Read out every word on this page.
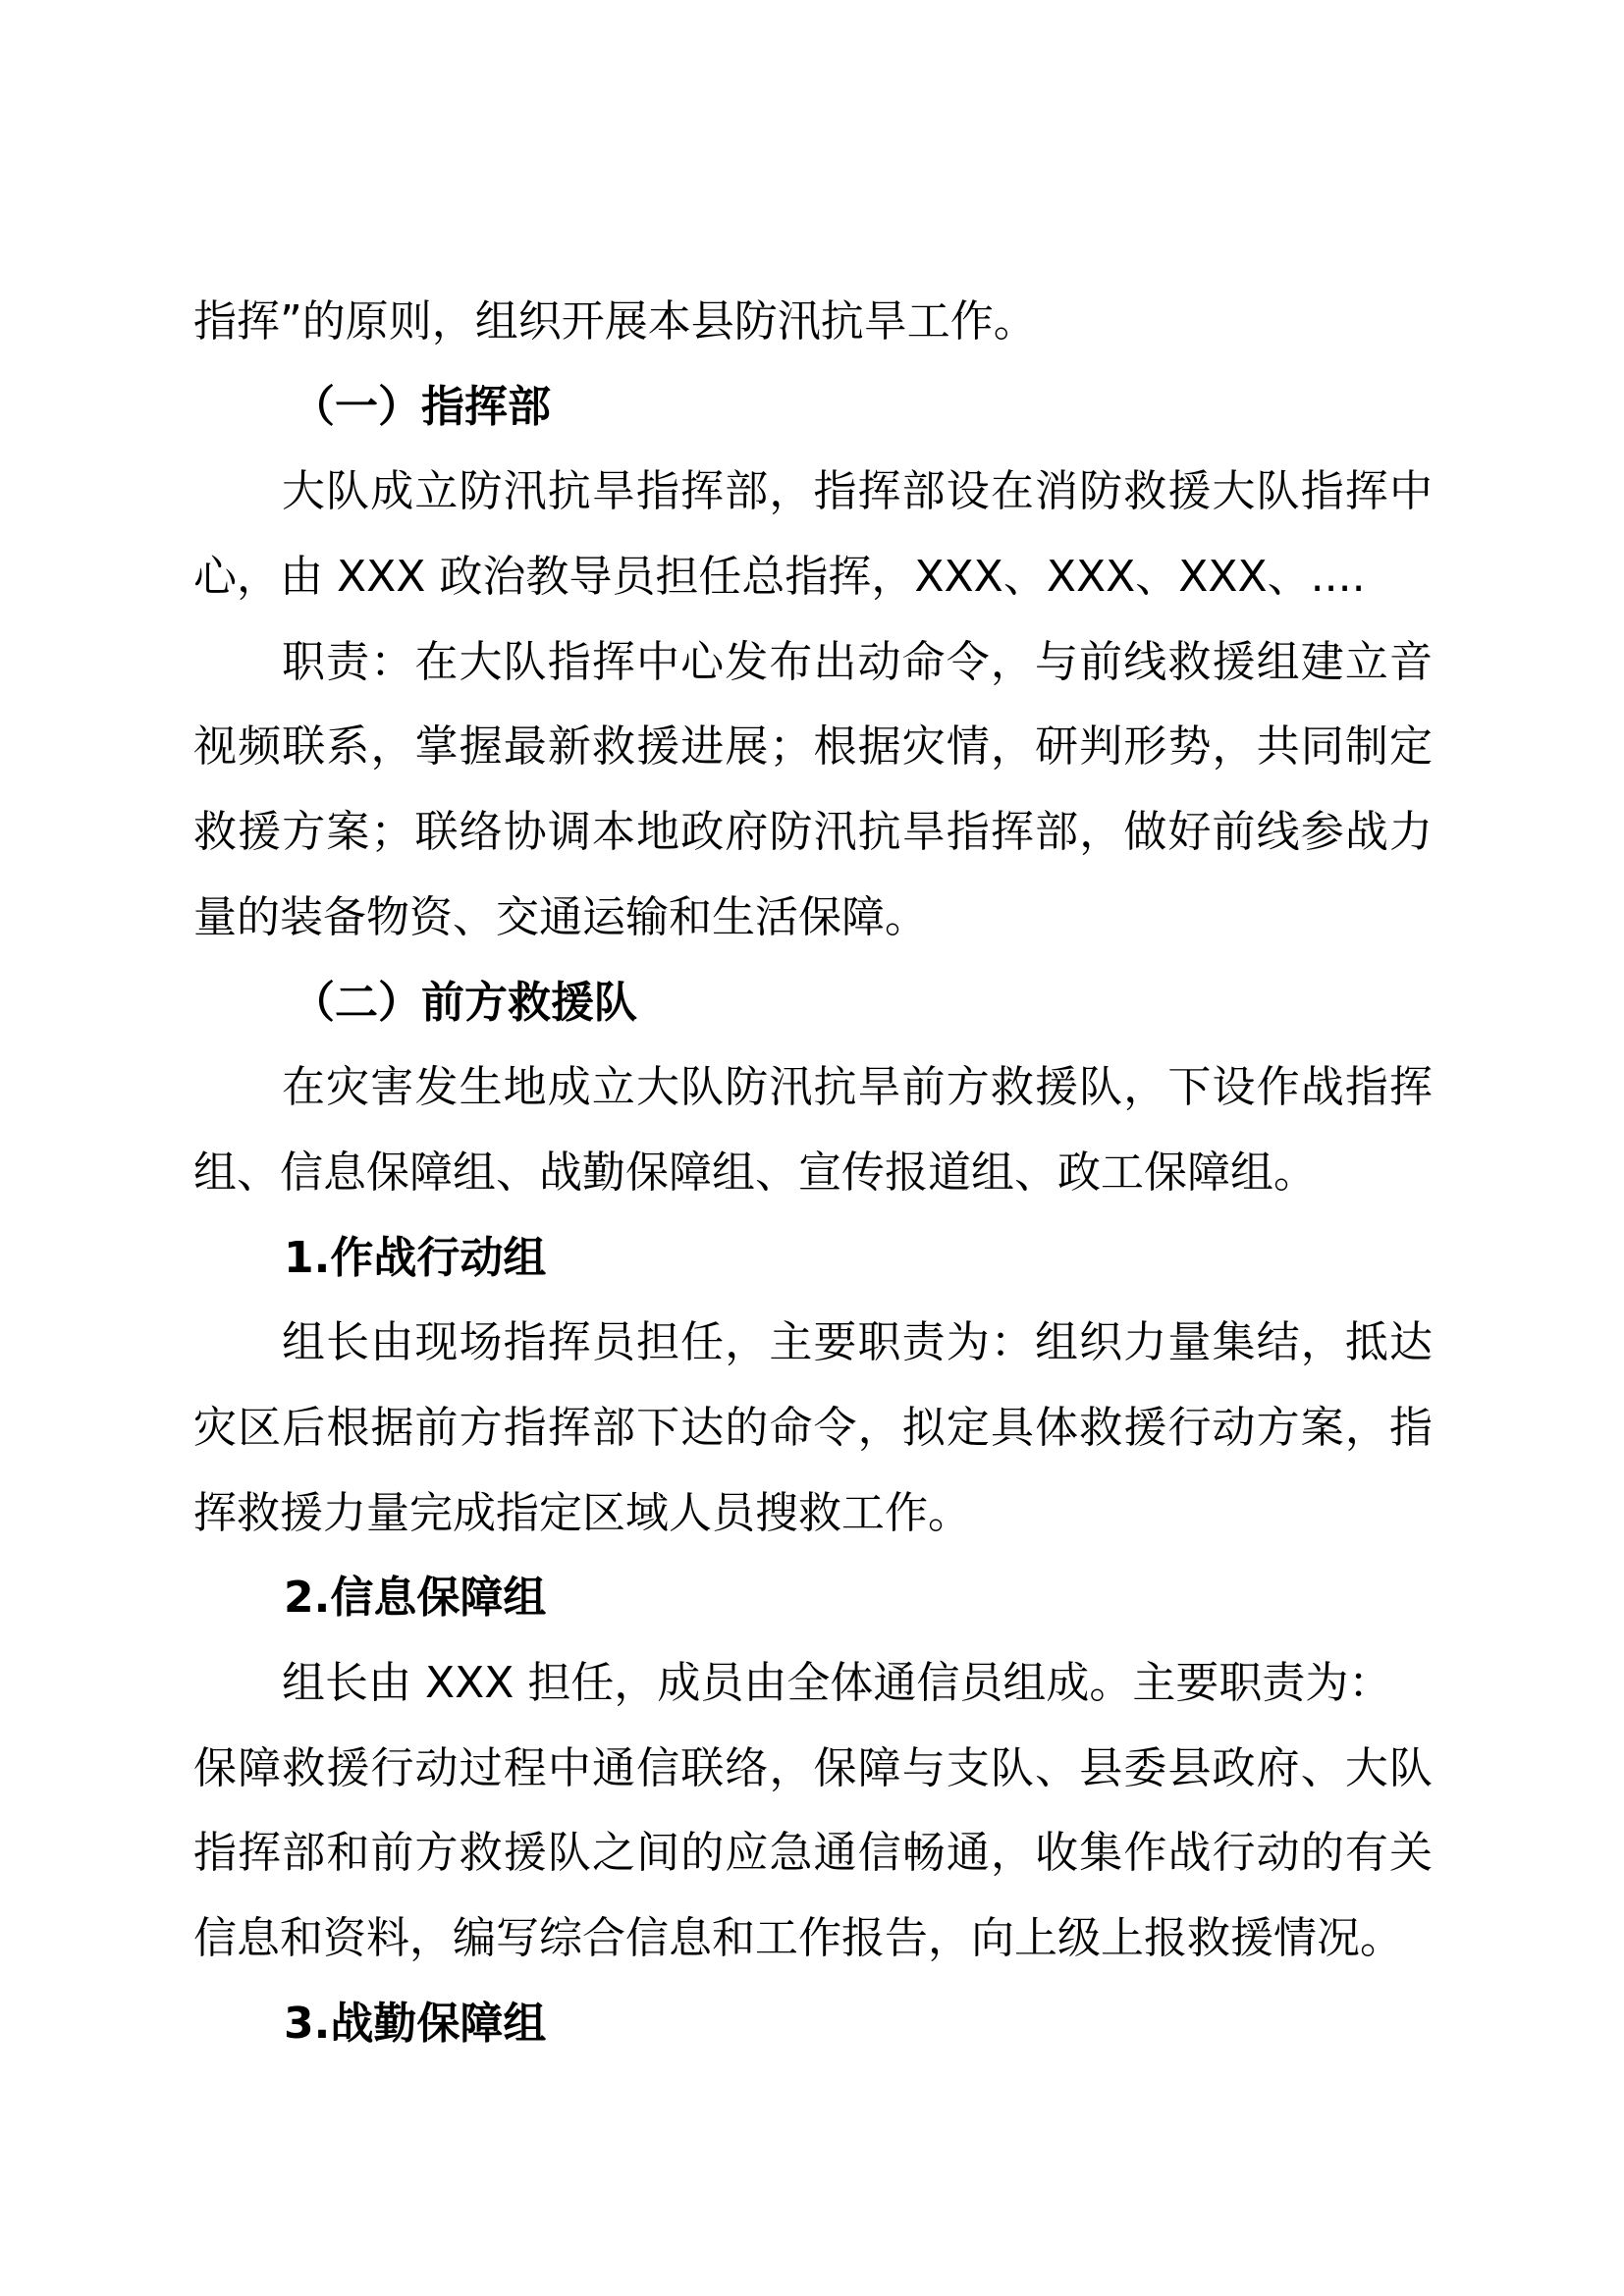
指挥”的原则，组织开展本县防汛抗旱工作。
（一）指挥部
大队成立防汛抗旱指挥部，指挥部设在消防救援大队指挥中
心，由 XXX 政治教导员担任总指挥，XXX、XXX、XXX、....
职责：在大队指挥中心发布出动命令，与前线救援组建立音
视频联系，掌握最新救援进展；根据灾情，研判形势，共同制定
救援方案；联络协调本地政府防汛抗旱指挥部，做好前线参战力
量的装备物资、交通运输和生活保障。
（二）前方救援队
在灾害发生地成立大队防汛抗旱前方救援队，下设作战指挥
组、信息保障组、战勤保障组、宣传报道组、政工保障组。
1.作战行动组
组长由现场指挥员担任，主要职责为：组织力量集结，抵达
灾区后根据前方指挥部下达的命令，拟定具体救援行动方案，指
挥救援力量完成指定区域人员搜救工作。
2.信息保障组
组长由 XXX 担任，成员由全体通信员组成。主要职责为：
保障救援行动过程中通信联络，保障与支队、县委县政府、大队
指挥部和前方救援队之间的应急通信畅通，收集作战行动的有关
信息和资料，编写综合信息和工作报告，向上级上报救援情况。
3.战勤保障组
